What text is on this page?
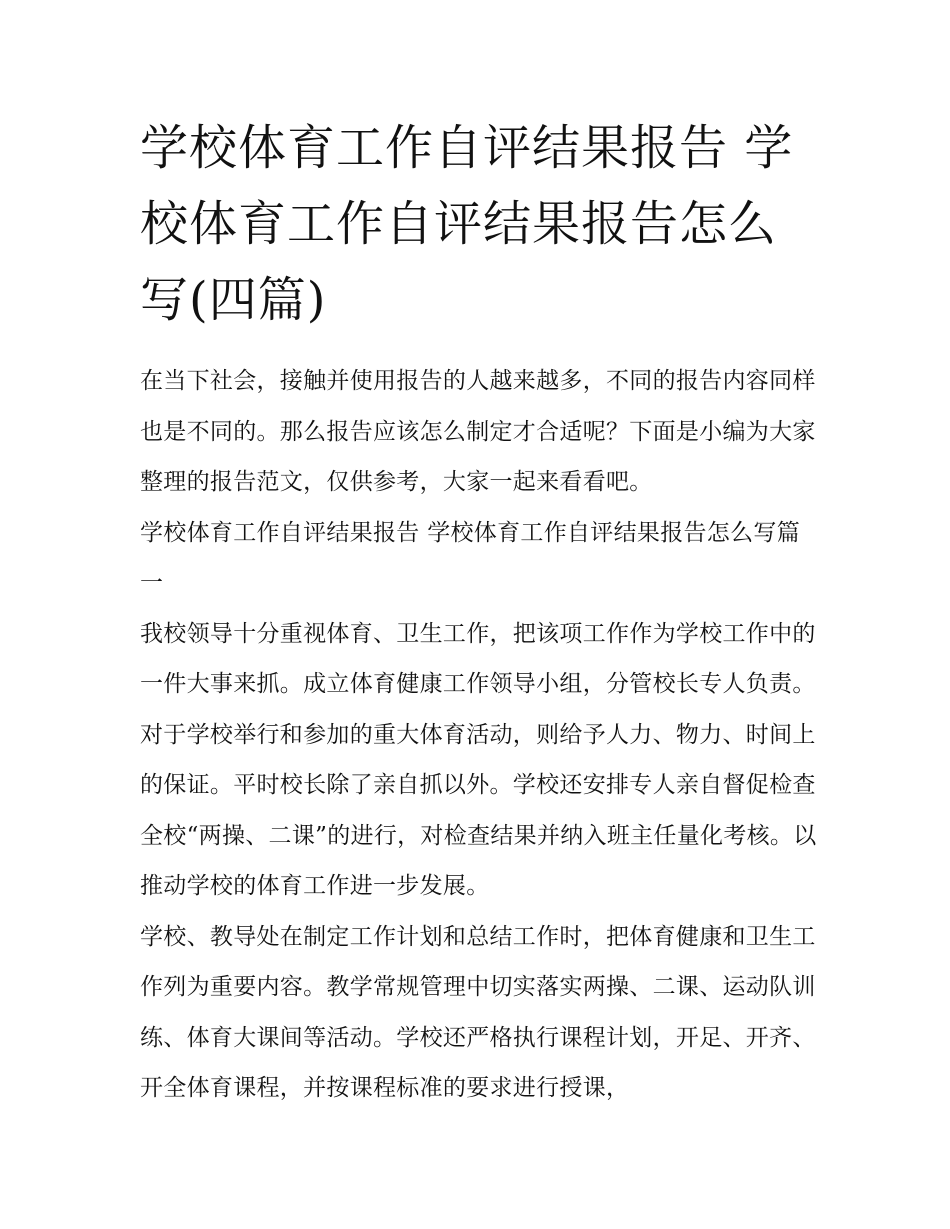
学校体育工作自评结果报告 学校体育工作自评结果报告怎么写(四篇)

在当下社会，接触并使用报告的人越来越多，不同的报告内容同样也是不同的。那么报告应该怎么制定才合适呢？下面是小编为大家整理的报告范文，仅供参考，大家一起来看看吧。

学校体育工作自评结果报告 学校体育工作自评结果报告怎么写篇一

我校领导十分重视体育、卫生工作，把该项工作作为学校工作中的一件大事来抓。成立体育健康工作领导小组，分管校长专人负责。对于学校举行和参加的重大体育活动，则给予人力、物力、时间上的保证。平时校长除了亲自抓以外。学校还安排专人亲自督促检查全校“两操、二课”的进行，对检查结果并纳入班主任量化考核。以推动学校的体育工作进一步发展。

学校、教导处在制定工作计划和总结工作时，把体育健康和卫生工作列为重要内容。教学常规管理中切实落实两操、二课、运动队训练、体育大课间等活动。学校还严格执行课程计划，开足、开齐、开全体育课程，并按课程标准的要求进行授课，
